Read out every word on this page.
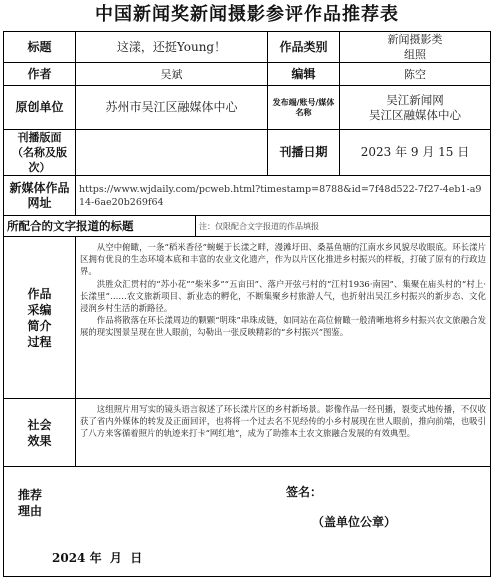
中国新闻奖新闻摄影参评作品推荐表
标题	这漾，还挺Young！		作品类别	新闻摄影类
组照
作者	吴斌		编辑	陈空
原创单位	苏州市吴江区融媒体中心		发布端/账号/媒体名称	吴江新闻网
吴江区融媒体中心
刊播版面
（名称及版次）			刊播日期	2023 年 9 月 15 日
新媒体作品网址	https://www.wjdaily.com/pcweb.html?timestamp=8788&id=7f48d522-7f27-4eb1-a914-6ae20b269f64			
所配合的文字报道的标题		注：仅限配合文字报道的作品填报		
作品采编简介过程	从空中俯瞰，一条“稻米香径”蜿蜒于长漾之畔，漫滩圩田、桑基鱼塘的江南水乡风貌尽收眼底。环长漾片区拥有优良的生态环境本底和丰富的农业文化遗产，作为以片区化推进乡村振兴的样板，打破了原有的行政边界。

洪胜众汇贯村的“苏小花”“柴米多”“五亩田”、落户开弦弓村的“江村1936·南园”、集聚在庙头村的“村上·长漾里”……农文旅新项目、新业态的孵化，不断集聚乡村旅游人气，也折射出吴江乡村振兴的新步态、文化浸润乡村生活的新路径。

作品将散落在环长漾周边的颗颗“明珠”串珠成链，如同站在高位俯瞰一般清晰地将乡村振兴农文旅融合发展的现实图景呈现在世人眼前，勾勒出一张反映精彩的“乡村振兴”图鉴。			

社会效果	这组照片用写实的镜头语言叙述了环长漾片区的乡村新场景。影像作品一经刊播，裂变式地传播，不仅收获了省内外媒体的转发及正面回评，也将将一个过去名不见经传的小乡村展现在世人眼前，推向前端，也吸引了八方来客循着照片的轨迹来打卡“网红地”，成为了助推本土农文旅融合发展的有效典型。			

推荐理由
签名：
（盖单位公章）
2024 年  月  日				
